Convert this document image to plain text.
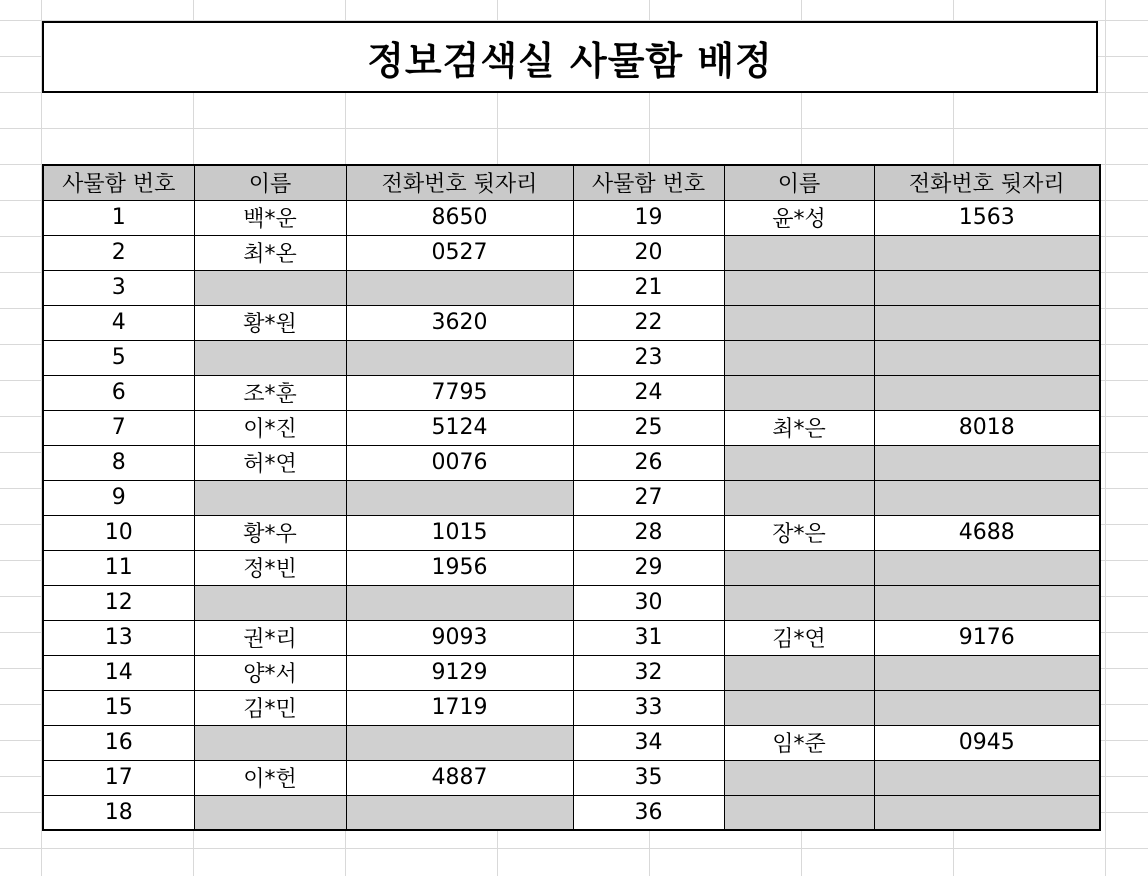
정보검색실 사물함 배정
사물함 번호	이름	전화번호 뒷자리	사물함 번호	이름	전화번호 뒷자리
1	백*운	8650	19	윤*성	1563
2	최*온	0527	20		
3			21		
4	황*원	3620	22		
5			23		
6	조*훈	7795	24		
7	이*진	5124	25	최*은	8018
8	허*연	0076	26		
9			27		
10	황*우	1015	28	장*은	4688
11	정*빈	1956	29		
12			30		
13	권*리	9093	31	김*연	9176
14	양*서	9129	32		
15	김*민	1719	33		
16			34	임*준	0945
17	이*헌	4887	35		
18			36		
